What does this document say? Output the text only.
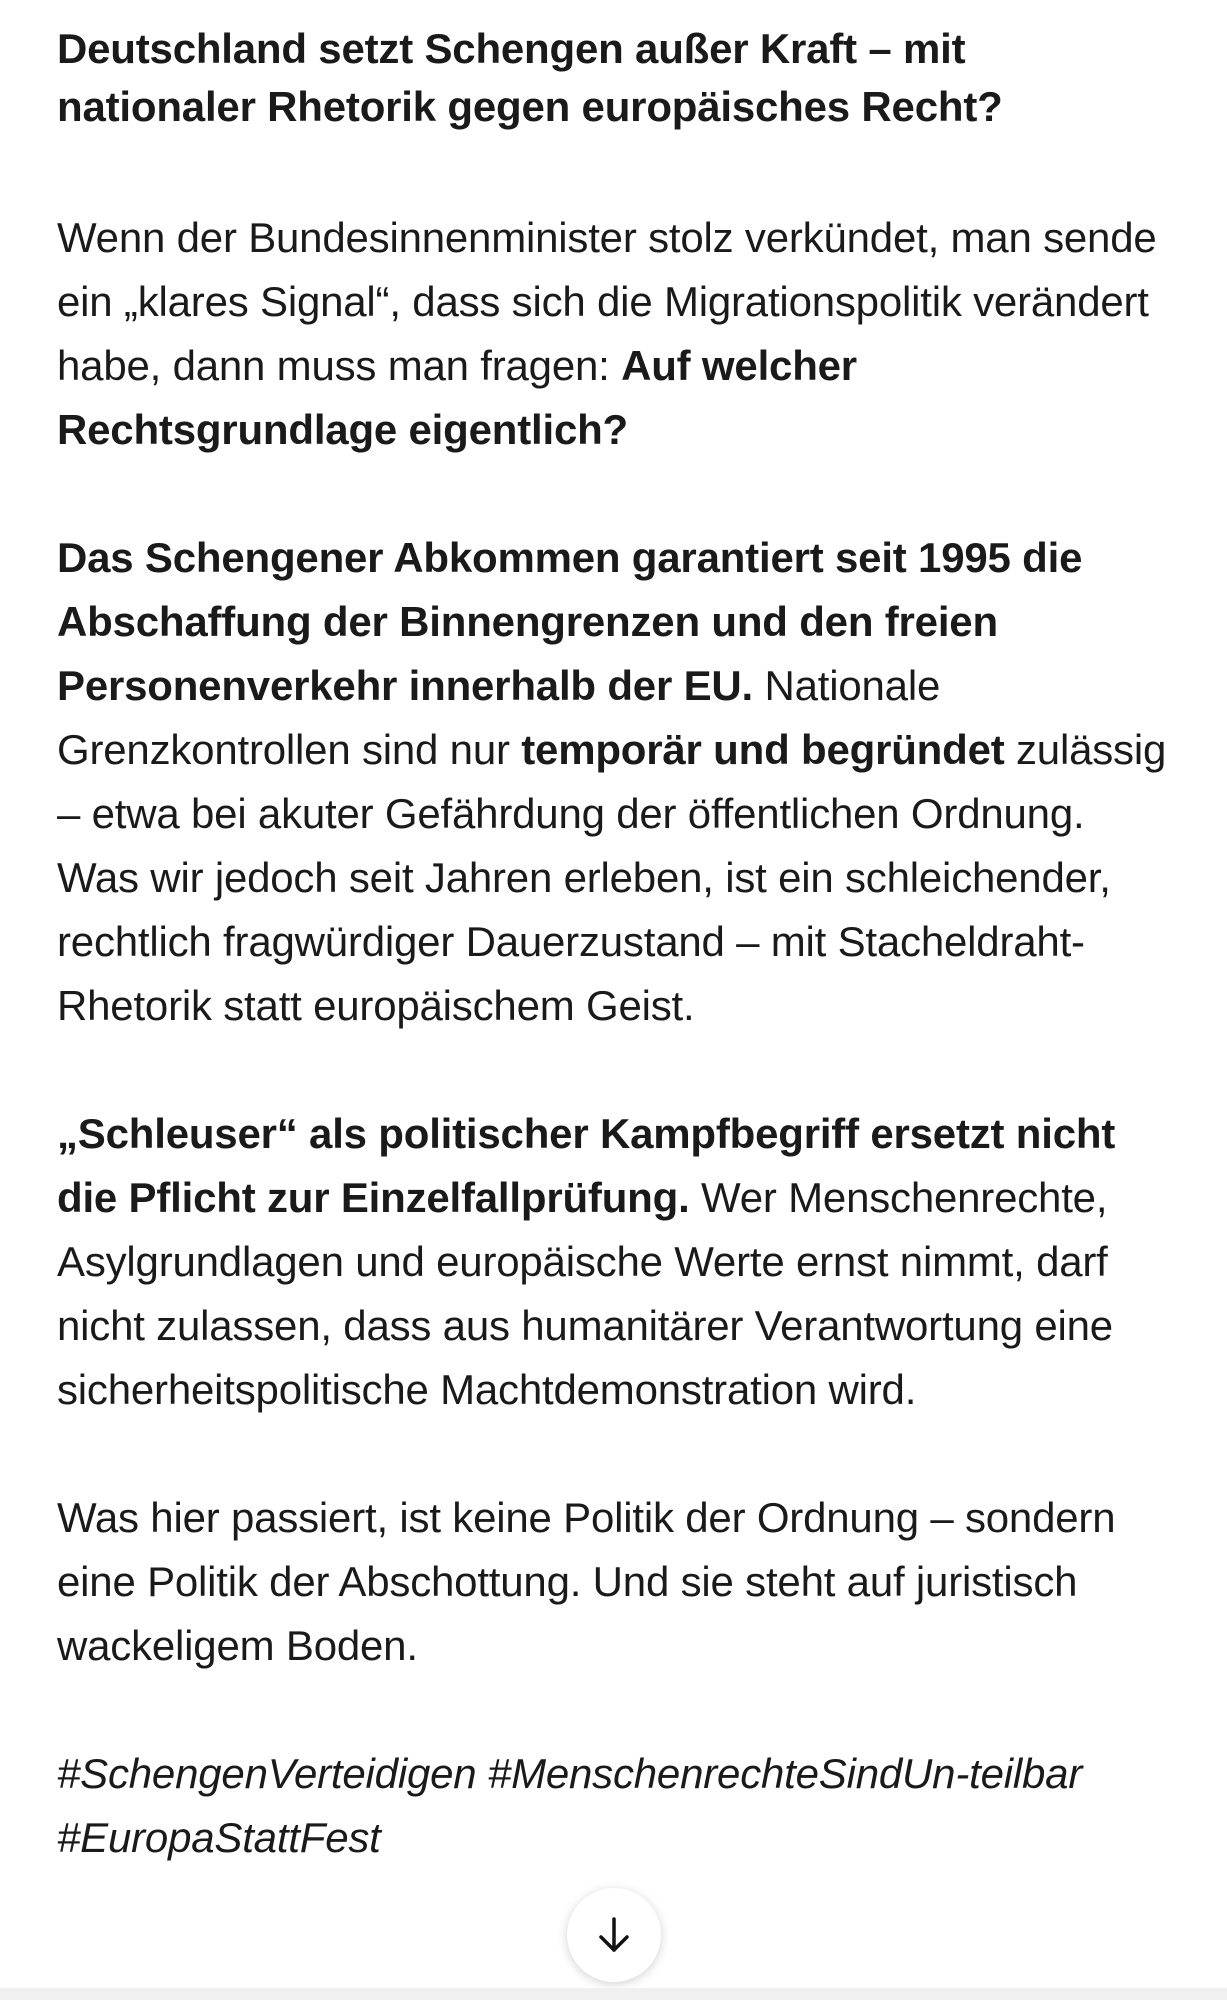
Deutschland setzt Schengen außer Kraft – mit nationaler Rhetorik gegen europäisches Recht?

Wenn der Bundesinnenminister stolz verkündet, man sende ein „klares Signal“, dass sich die Migrationspolitik verändert habe, dann muss man fragen: Auf welcher Rechtsgrundlage eigentlich?

Das Schengener Abkommen garantiert seit 1995 die Abschaffung der Binnengrenzen und den freien Personenverkehr innerhalb der EU. Nationale Grenzkontrollen sind nur temporär und begründet zulässig – etwa bei akuter Gefährdung der öffentlichen Ordnung. Was wir jedoch seit Jahren erleben, ist ein schleichender, rechtlich fragwürdiger Dauerzustand – mit Stacheldraht-Rhetorik statt europäischem Geist.

„Schleuser“ als politischer Kampfbegriff ersetzt nicht die Pflicht zur Einzelfallprüfung. Wer Menschenrechte, Asylgrundlagen und europäische Werte ernst nimmt, darf nicht zulassen, dass aus humanitärer Verantwortung eine sicherheitspolitische Machtdemonstration wird.

Was hier passiert, ist keine Politik der Ordnung – sondern eine Politik der Abschottung. Und sie steht auf juristisch wackeligem Boden.

#SchengenVerteidigen #MenschenrechteSindUn-teilbar #EuropaStattFest
